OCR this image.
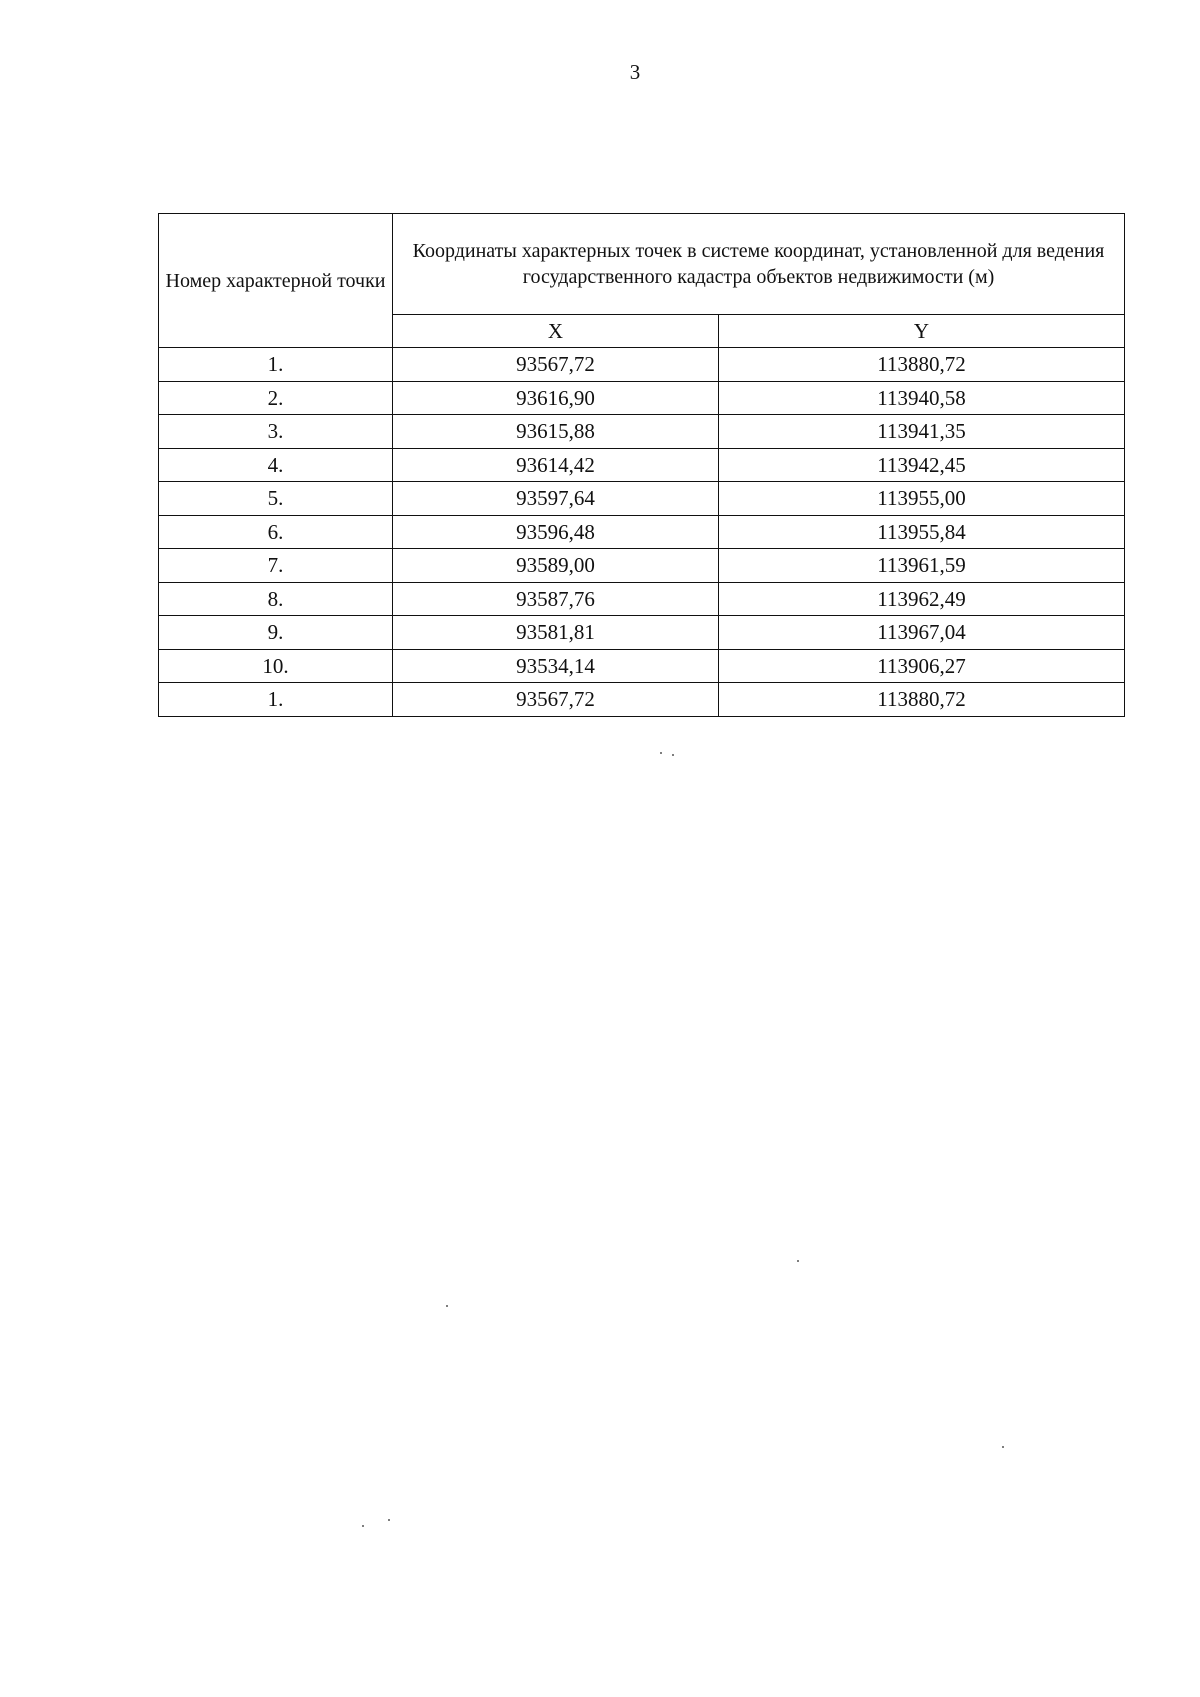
3
Номер характерной точки	Координаты характерных точек в системе координат, установленной для ведения государственного кадастра объектов недвижимости (м)	
	X	Y
1.	93567,72	113880,72
2.	93616,90	113940,58
3.	93615,88	113941,35
4.	93614,42	113942,45
5.	93597,64	113955,00
6.	93596,48	113955,84
7.	93589,00	113961,59
8.	93587,76	113962,49
9.	93581,81	113967,04
10.	93534,14	113906,27
1.	93567,72	113880,72
